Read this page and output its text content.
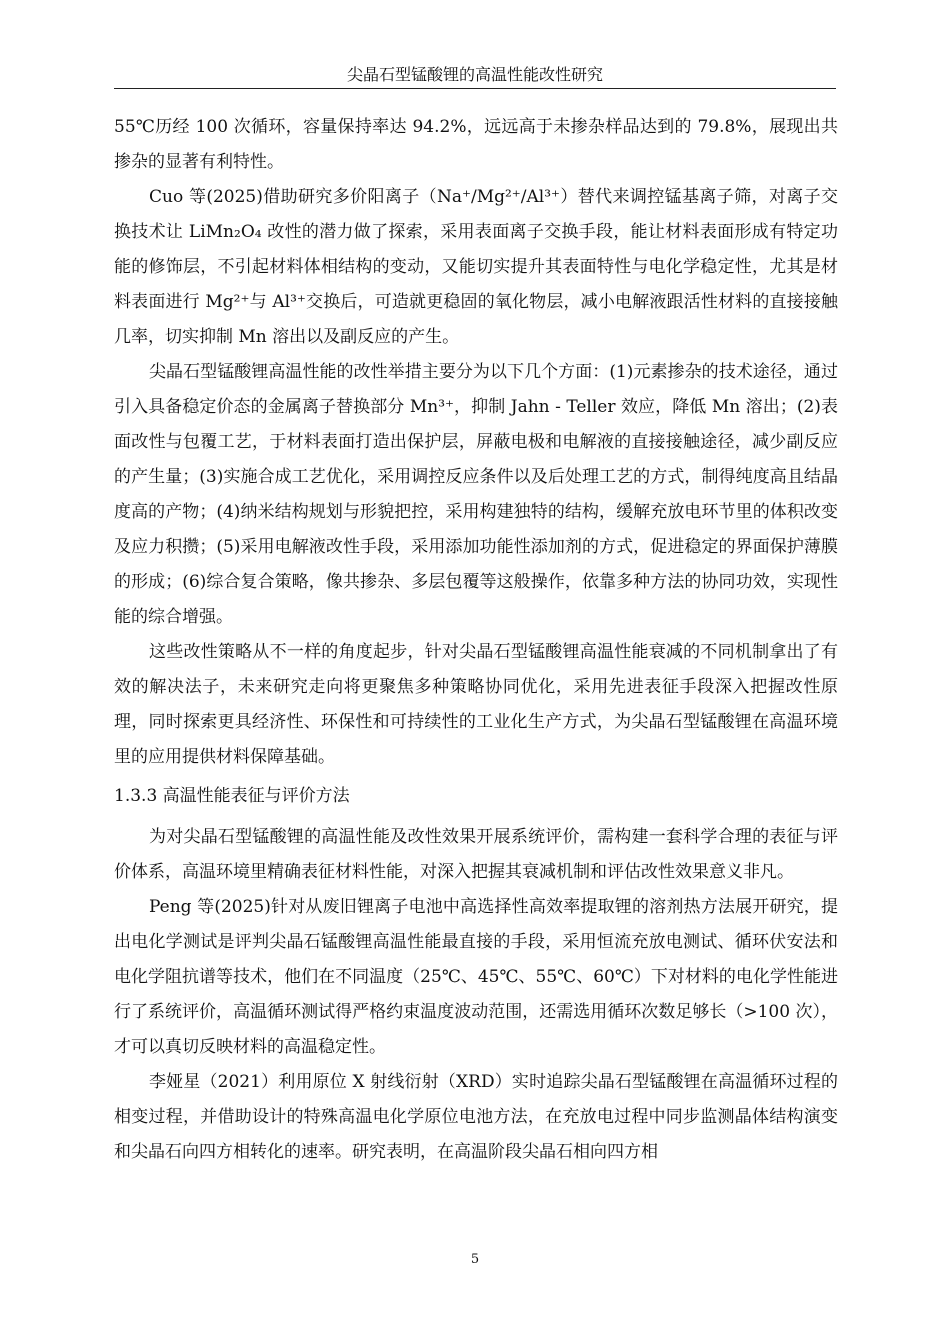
尖晶石型锰酸锂的高温性能改性研究

55℃历经 100 次循环，容量保持率达 94.2%，远远高于未掺杂样品达到的 79.8%，展现出共掺杂的显著有利特性。

Cuo 等(2025)借助研究多价阳离子（Na⁺/Mg²⁺/Al³⁺）替代来调控锰基离子筛，对离子交换技术让 LiMn₂O₄ 改性的潜力做了探索，采用表面离子交换手段，能让材料表面形成有特定功能的修饰层，不引起材料体相结构的变动，又能切实提升其表面特性与电化学稳定性，尤其是材料表面进行 Mg²⁺与 Al³⁺交换后，可造就更稳固的氧化物层，减小电解液跟活性材料的直接接触几率，切实抑制 Mn 溶出以及副反应的产生。

尖晶石型锰酸锂高温性能的改性举措主要分为以下几个方面：(1)元素掺杂的技术途径，通过引入具备稳定价态的金属离子替换部分 Mn³⁺，抑制 Jahn - Teller 效应，降低 Mn 溶出；(2)表面改性与包覆工艺，于材料表面打造出保护层，屏蔽电极和电解液的直接接触途径，减少副反应的产生量；(3)实施合成工艺优化，采用调控反应条件以及后处理工艺的方式，制得纯度高且结晶度高的产物；(4)纳米结构规划与形貌把控，采用构建独特的结构，缓解充放电环节里的体积改变及应力积攒；(5)采用电解液改性手段，采用添加功能性添加剂的方式，促进稳定的界面保护薄膜的形成；(6)综合复合策略，像共掺杂、多层包覆等这般操作，依靠多种方法的协同功效，实现性能的综合增强。

这些改性策略从不一样的角度起步，针对尖晶石型锰酸锂高温性能衰减的不同机制拿出了有效的解决法子，未来研究走向将更聚焦多种策略协同优化，采用先进表征手段深入把握改性原理，同时探索更具经济性、环保性和可持续性的工业化生产方式，为尖晶石型锰酸锂在高温环境里的应用提供材料保障基础。

1.3.3 高温性能表征与评价方法

为对尖晶石型锰酸锂的高温性能及改性效果开展系统评价，需构建一套科学合理的表征与评价体系，高温环境里精确表征材料性能，对深入把握其衰减机制和评估改性效果意义非凡。

Peng 等(2025)针对从废旧锂离子电池中高选择性高效率提取锂的溶剂热方法展开研究，提出电化学测试是评判尖晶石锰酸锂高温性能最直接的手段，采用恒流充放电测试、循环伏安法和电化学阻抗谱等技术，他们在不同温度（25℃、45℃、55℃、60℃）下对材料的电化学性能进行了系统评价，高温循环测试得严格约束温度波动范围，还需选用循环次数足够长（>100 次），才可以真切反映材料的高温稳定性。

李娅星（2021）利用原位 X 射线衍射（XRD）实时追踪尖晶石型锰酸锂在高温循环过程的相变过程，并借助设计的特殊高温电化学原位电池方法，在充放电过程中同步监测晶体结构演变和尖晶石向四方相转化的速率。研究表明，在高温阶段尖晶石相向四方相

5
